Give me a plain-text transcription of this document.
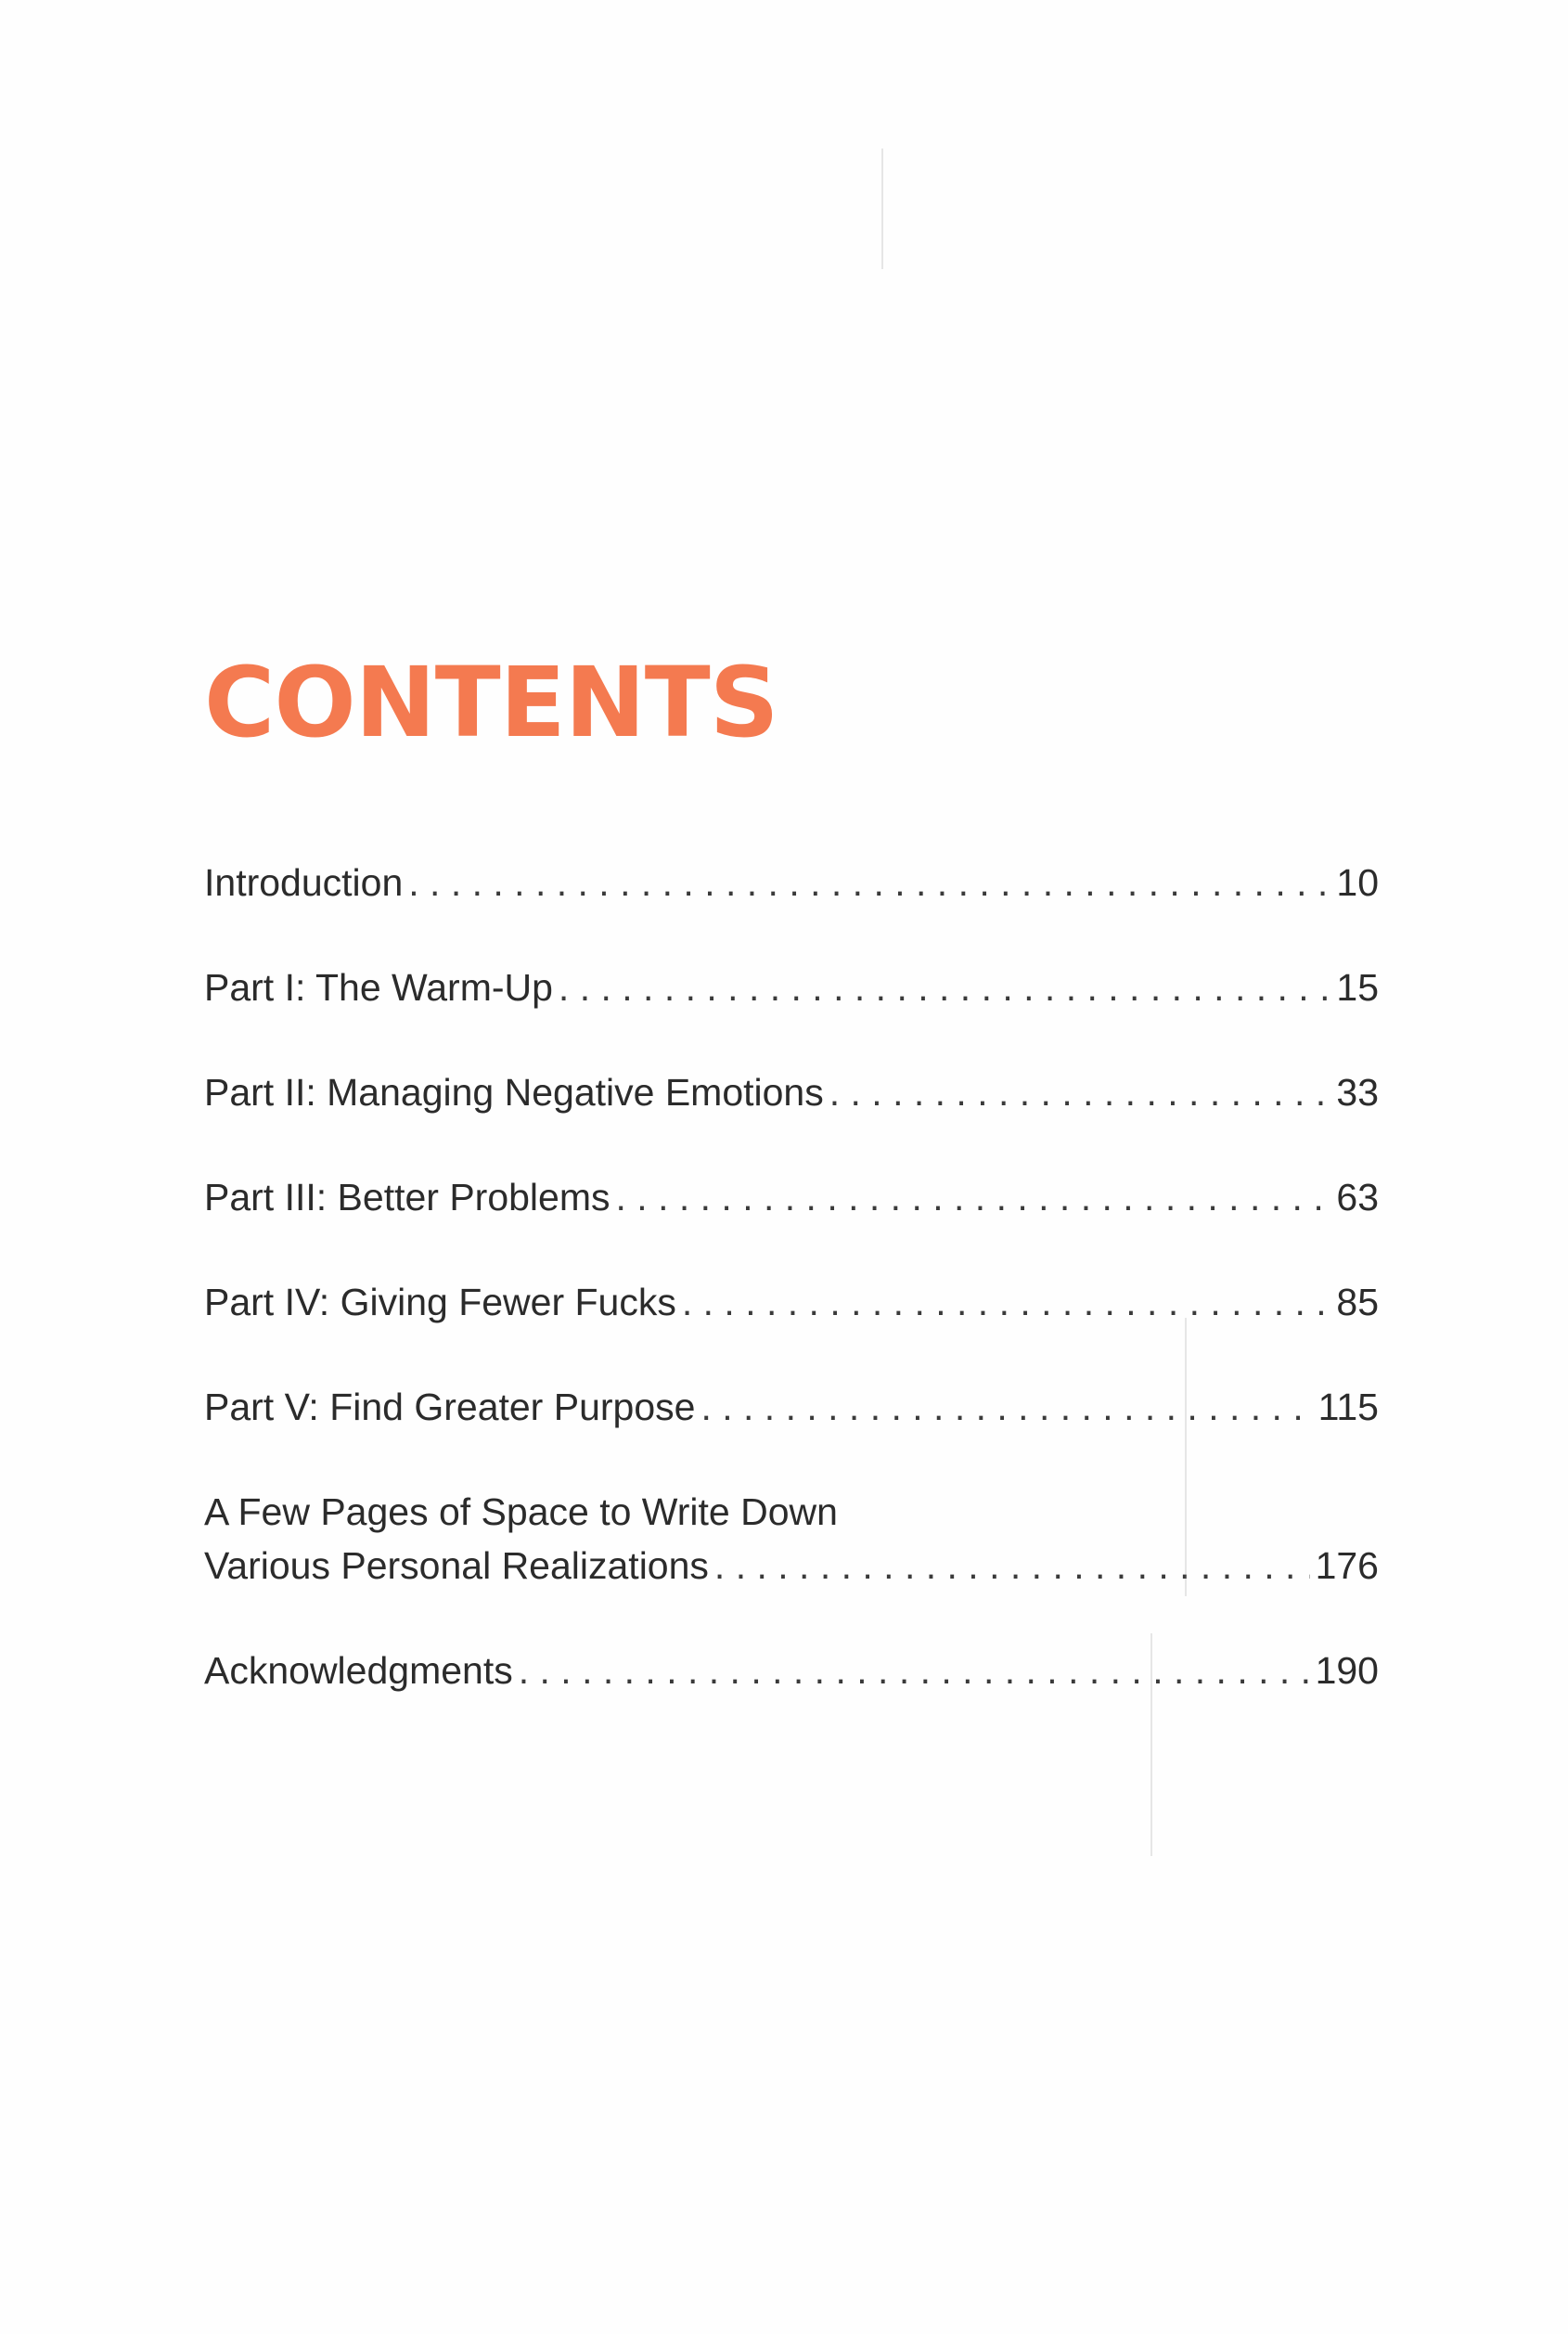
CONTENTS
Introduction . . .	10
Part I: The Warm-Up . . .	15
Part II: Managing Negative Emotions . . .	33
Part III: Better Problems . . .	63
Part IV: Giving Fewer Fucks . . .	85
Part V: Find Greater Purpose . . .	115
A Few Pages of Space to Write Down
Various Personal Realizations . . .	176
Acknowledgments . . .	190
